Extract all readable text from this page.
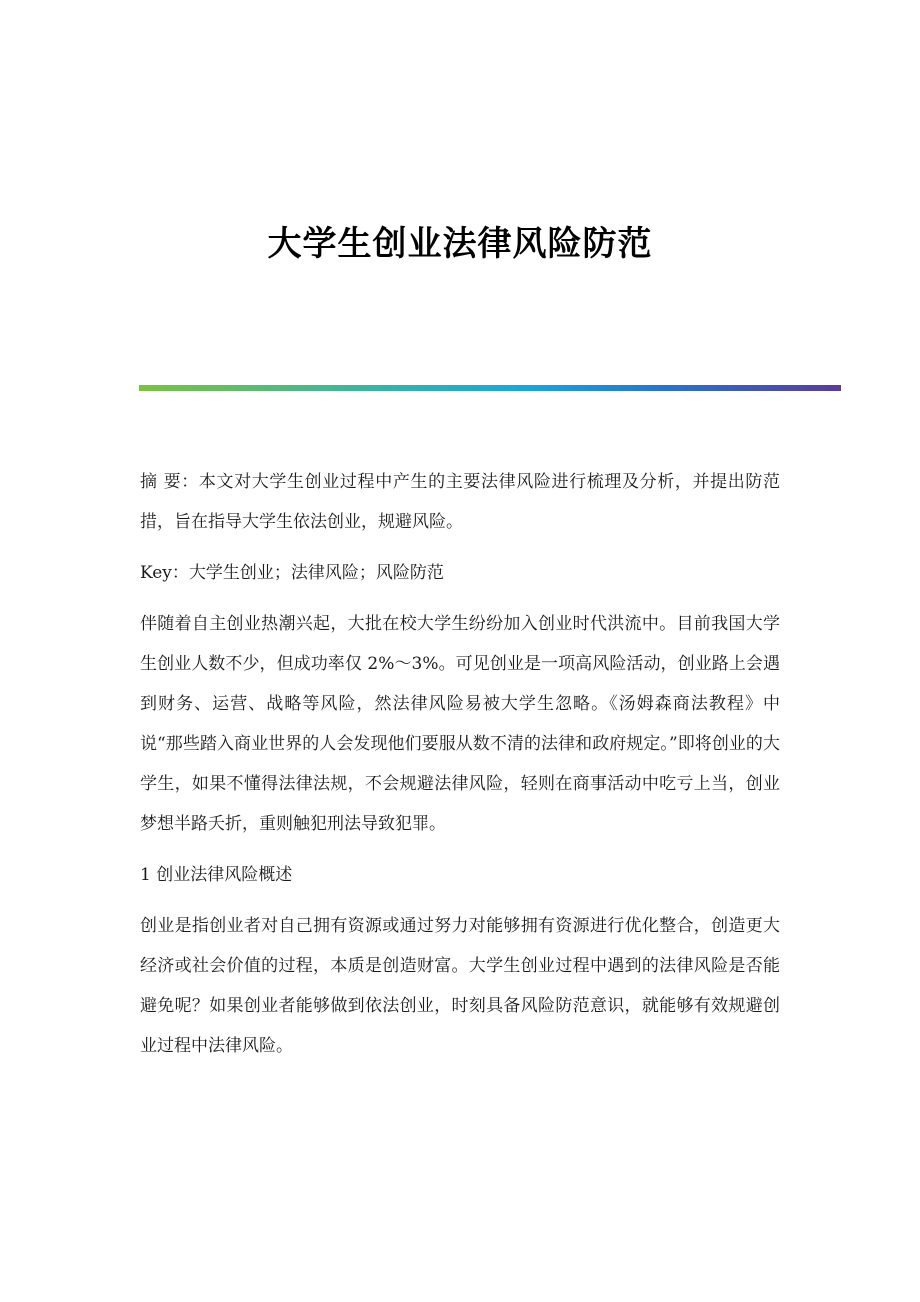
大学生创业法律风险防范

摘 要：本文对大学生创业过程中产生的主要法律风险进行梳理及分析，并提出防范措，旨在指导大学生依法创业，规避风险。

Key：大学生创业；法律风险；风险防范

伴随着自主创业热潮兴起，大批在校大学生纷纷加入创业时代洪流中。目前我国大学生创业人数不少，但成功率仅 2%～3%。可见创业是一项高风险活动，创业路上会遇到财务、运营、战略等风险，然法律风险易被大学生忽略。《汤姆森商法教程》中说“那些踏入商业世界的人会发现他们要服从数不清的法律和政府规定。”即将创业的大学生，如果不懂得法律法规，不会规避法律风险，轻则在商事活动中吃亏上当，创业梦想半路夭折，重则触犯刑法导致犯罪。

1 创业法律风险概述

创业是指创业者对自己拥有资源或通过努力对能够拥有资源进行优化整合，创造更大经济或社会价值的过程，本质是创造财富。大学生创业过程中遇到的法律风险是否能避免呢？如果创业者能够做到依法创业，时刻具备风险防范意识，就能够有效规避创业过程中法律风险。
